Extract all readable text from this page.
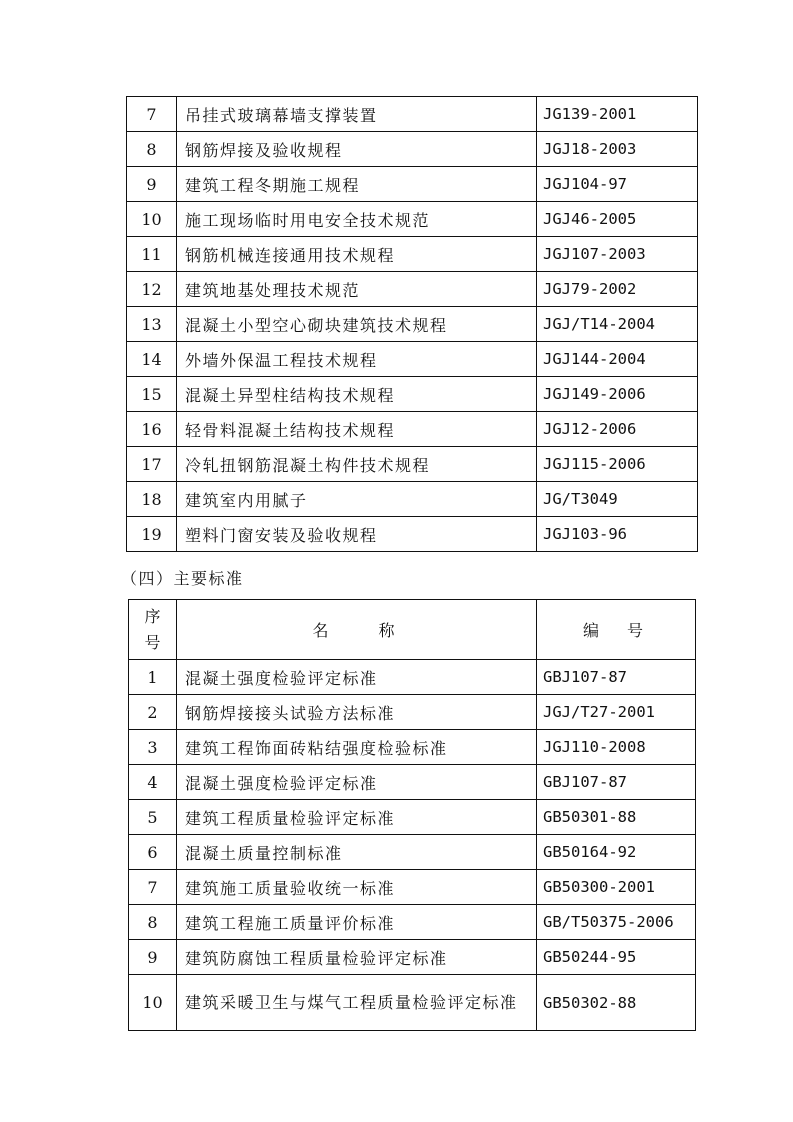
7	吊挂式玻璃幕墙支撑装置	JG139-2001
8	钢筋焊接及验收规程	JGJ18-2003
9	建筑工程冬期施工规程	JGJ104-97
10	施工现场临时用电安全技术规范	JGJ46-2005
11	钢筋机械连接通用技术规程	JGJ107-2003
12	建筑地基处理技术规范	JGJ79-2002
13	混凝土小型空心砌块建筑技术规程	JGJ/T14-2004
14	外墙外保温工程技术规程	JGJ144-2004
15	混凝土异型柱结构技术规程	JGJ149-2006
16	轻骨料混凝土结构技术规程	JGJ12-2006
17	冷轧扭钢筋混凝土构件技术规程	JGJ115-2006
18	建筑室内用腻子	JG/T3049
19	塑料门窗安装及验收规程	JGJ103-96
（四）主要标准
序
号	名　　称	编　号
1	混凝土强度检验评定标准	GBJ107-87
2	钢筋焊接接头试验方法标准	JGJ/T27-2001
3	建筑工程饰面砖粘结强度检验标准	JGJ110-2008
4	混凝土强度检验评定标准	GBJ107-87
5	建筑工程质量检验评定标准	GB50301-88
6	混凝土质量控制标准	GB50164-92
7	建筑施工质量验收统一标准	GB50300-2001
8	建筑工程施工质量评价标准	GB/T50375-2006
9	建筑防腐蚀工程质量检验评定标准	GB50244-95
10	建筑采暖卫生与煤气工程质量检验评定标准	GB50302-88
